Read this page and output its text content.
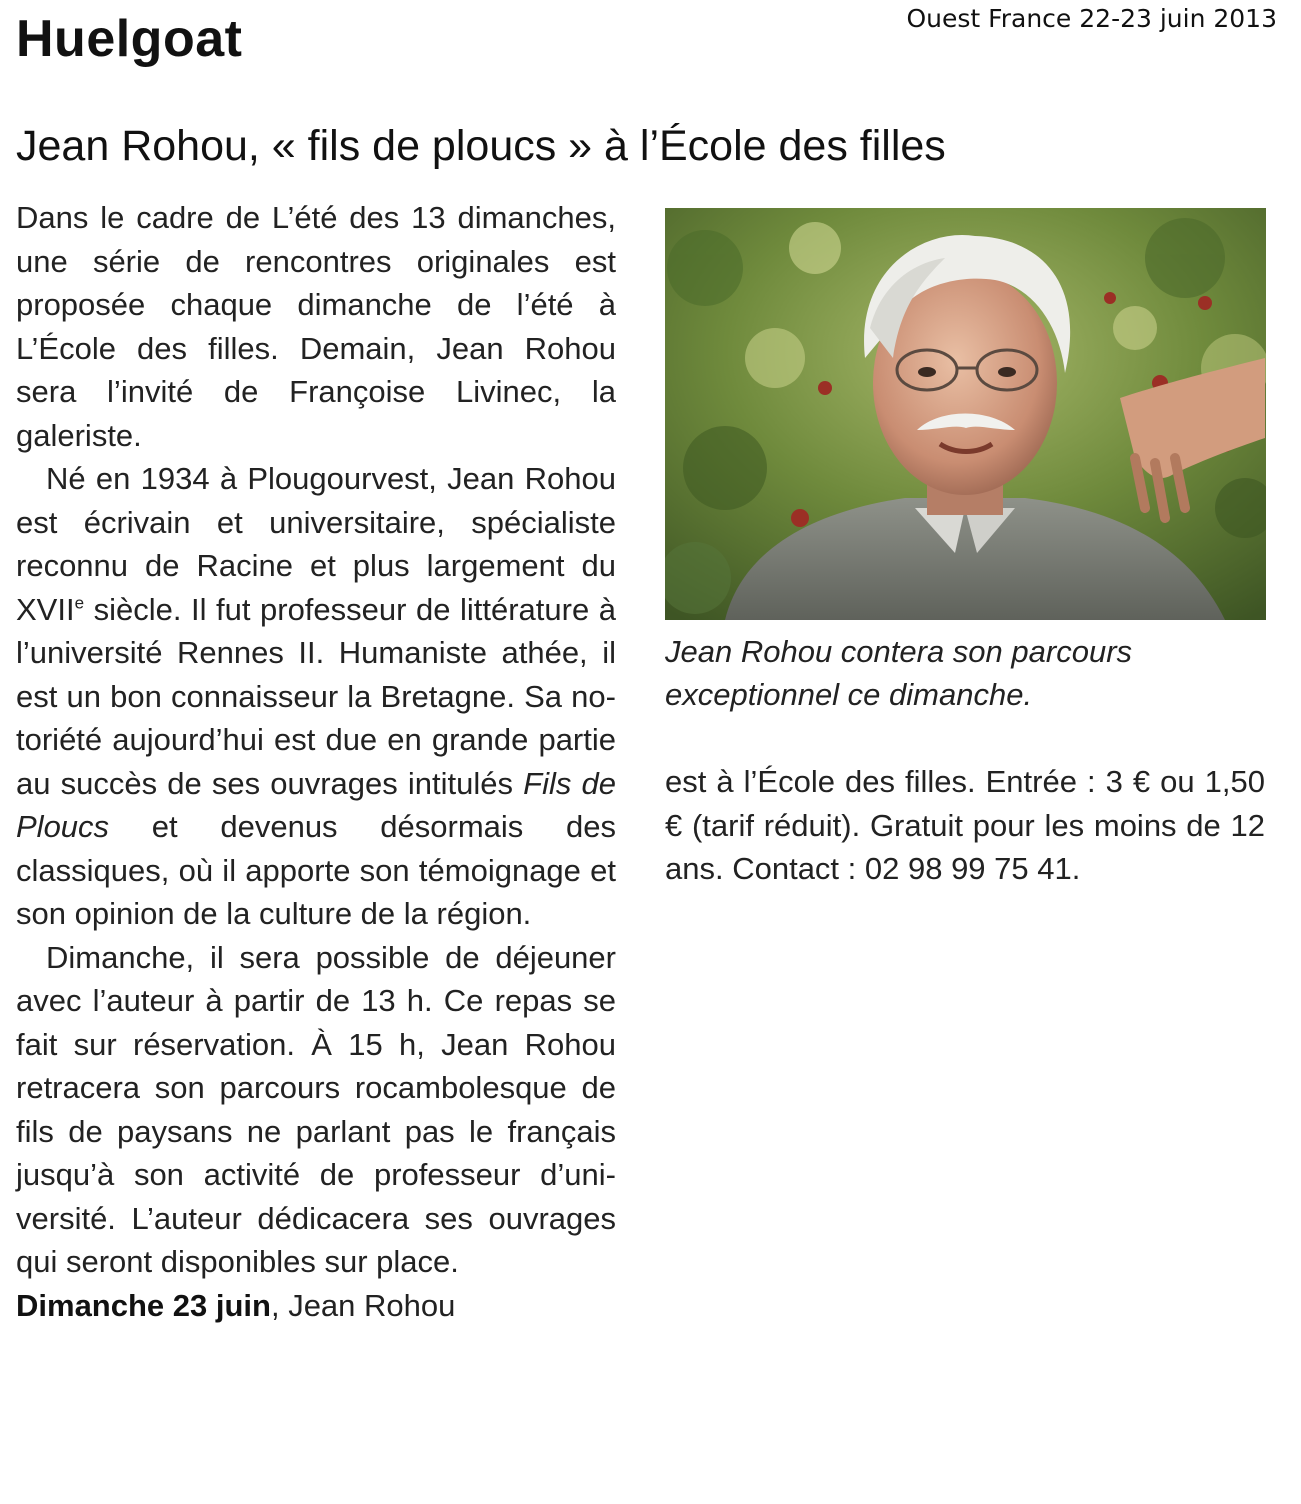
Huelgoat	Ouest France 22-23 juin 2013
Jean Rohou, « fils de ploucs » à l’École des filles

Dans le cadre de L’été des 13 dimanches, une série de rencontres originales est proposée chaque dimanche de l’été à L’École des filles. Demain, Jean Rohou sera l’invité de Françoise Livinec, la galeriste.

Né en 1934 à Plougourvest, Jean Rohou est écrivain et universitaire, spécialiste reconnu de Racine et plus largement du XVIIe siècle. Il fut professeur de littérature à l’université Rennes II. Humaniste athée, il est un bon connaisseur la Bretagne. Sa notoriété aujourd’hui est due en grande partie au succès de ses ouvrages intitulés Fils de Ploucs et devenus désormais des classiques, où il apporte son témoignage et son opinion de la culture de la région.

Dimanche, il sera possible de déjeuner avec l’auteur à partir de 13 h. Ce repas se fait sur réservation. À 15 h, Jean Rohou retracera son parcours rocambolesque de fils de paysans ne parlant pas le français jusqu’à son activité de professeur d’université. L’auteur dédicacera ses ouvrages qui seront disponibles sur place.

Dimanche 23 juin, Jean Rohou

Jean Rohou contera son parcours exceptionnel ce dimanche.

est à l’École des filles. Entrée : 3 € ou 1,50 € (tarif réduit). Gratuit pour les moins de 12 ans. Contact : 02 98 99 75 41.
